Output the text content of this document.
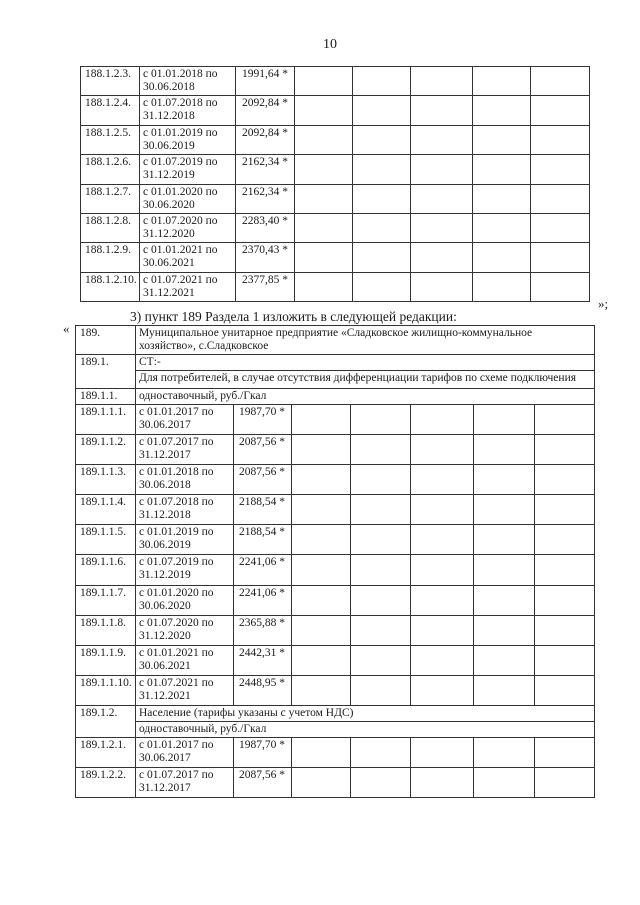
10
188.1.2.3.	с 01.01.2018 по 30.06.2018	1991,64 *					
188.1.2.4.	с 01.07.2018 по 31.12.2018	2092,84 *					
188.1.2.5.	с 01.01.2019 по 30.06.2019	2092,84 *					
188.1.2.6.	с 01.07.2019 по 31.12.2019	2162,34 *					
188.1.2.7.	с 01.01.2020 по 30.06.2020	2162,34 *					
188.1.2.8.	с 01.07.2020 по 31.12.2020	2283,40 *					
188.1.2.9.	с 01.01.2021 по 30.06.2021	2370,43 *					
188.1.2.10.	с 01.07.2021 по 31.12.2021	2377,85 *					
»;
3) пункт 189 Раздела 1 изложить в следующей редакции:
« 189.	Муниципальное унитарное предприятие «Сладковское жилищно-коммунальное хозяйство», с.Сладковское						
189.1.	СТ:-						
	Для потребителей, в случае отсутствия дифференциации тарифов по схеме подключения						
189.1.1.	одноставочный, руб./Гкал						
189.1.1.1.	с 01.01.2017 по 30.06.2017	1987,70 *					
189.1.1.2.	с 01.07.2017 по 31.12.2017	2087,56 *					
189.1.1.3.	с 01.01.2018 по 30.06.2018	2087,56 *					
189.1.1.4.	с 01.07.2018 по 31.12.2018	2188,54 *					
189.1.1.5.	с 01.01.2019 по 30.06.2019	2188,54 *					
189.1.1.6.	с 01.07.2019 по 31.12.2019	2241,06 *					
189.1.1.7.	с 01.01.2020 по 30.06.2020	2241,06 *					
189.1.1.8.	с 01.07.2020 по 31.12.2020	2365,88 *					
189.1.1.9.	с 01.01.2021 по 30.06.2021	2442,31 *					
189.1.1.10.	с 01.07.2021 по 31.12.2021	2448,95 *					
189.1.2.	Население (тарифы указаны с учетом НДС)						
	одноставочный, руб./Гкал						
189.1.2.1.	с 01.01.2017 по 30.06.2017	1987,70 *					
189.1.2.2.	с 01.07.2017 по 31.12.2017	2087,56 *					
